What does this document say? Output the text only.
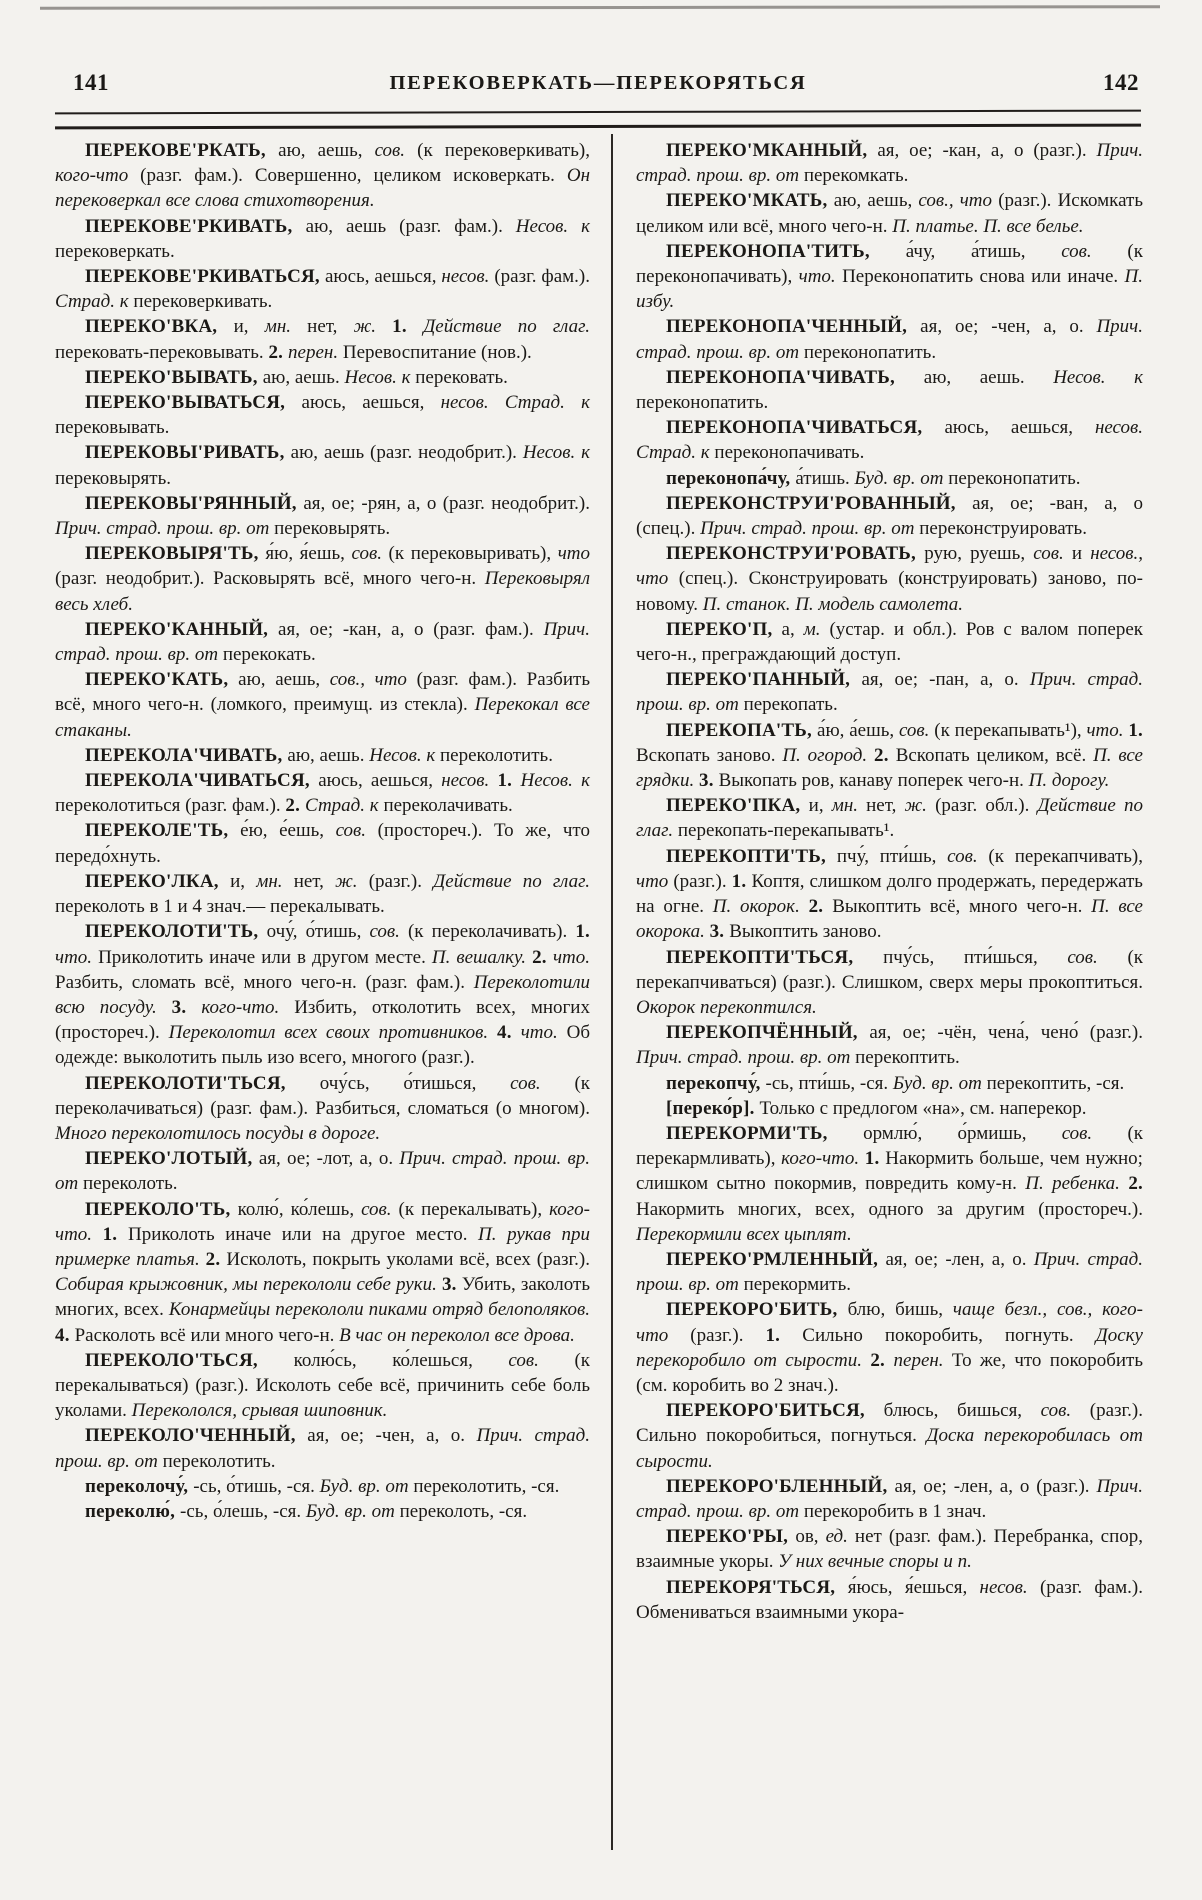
141	ПЕРЕКОВЕРКАТЬ—ПЕРЕКОРЯТЬСЯ	142

ПЕРЕКОВЕ'РКАТЬ, аю, аешь, сов. (к перековеркивать), кого-что (разг. фам.). Совершенно, целиком исковеркать. Он перековеркал все слова стихотворения.

ПЕРЕКОВЕ'РКИВАТЬ, аю, аешь (разг. фам.). Несов. к перековеркать.

ПЕРЕКОВЕ'РКИВАТЬСЯ, аюсь, аешься, несов. (разг. фам.). Страд. к перековеркивать.

ПЕРЕКО'ВКА, и, мн. нет, ж. 1. Действие по глаг. перековать-перековывать. 2. перен. Перевоспитание (нов.).

ПЕРЕКО'ВЫВАТЬ, аю, аешь. Несов. к перековать.

ПЕРЕКО'ВЫВАТЬСЯ, аюсь, аешься, несов. Страд. к перековывать.

ПЕРЕКОВЫ'РИВАТЬ, аю, аешь (разг. неодобрит.). Несов. к перековырять.

ПЕРЕКОВЫ'РЯННЫЙ, ая, ое; -рян, а, о (разг. неодобрит.). Прич. страд. прош. вр. от перековырять.

ПЕРЕКОВЫРЯ'ТЬ, я́ю, я́ешь, сов. (к перековыривать), что (разг. неодобрит.). Расковырять всё, много чего-н. Перековырял весь хлеб.

ПЕРЕКО'КАННЫЙ, ая, ое; -кан, а, о (разг. фам.). Прич. страд. прош. вр. от перекокать.

ПЕРЕКО'КАТЬ, аю, аешь, сов., что (разг. фам.). Разбить всё, много чего-н. (ломкого, преимущ. из стекла). Перекокал все стаканы.

ПЕРЕКОЛА'ЧИВАТЬ, аю, аешь. Несов. к переколотить.

ПЕРЕКОЛА'ЧИВАТЬСЯ, аюсь, аешься, несов. 1. Несов. к переколотиться (разг. фам.). 2. Страд. к переколачивать.

ПЕРЕКОЛЕ'ТЬ, е́ю, е́ешь, сов. (простореч.). То же, что передо́хнуть.

ПЕРЕКО'ЛКА, и, мн. нет, ж. (разг.). Действие по глаг. переколоть в 1 и 4 знач.— перекалывать.

ПЕРЕКОЛОТИ'ТЬ, очу́, о́тишь, сов. (к переколачивать). 1. что. Приколотить иначе или в другом месте. П. вешалку. 2. что. Разбить, сломать всё, много чего-н. (разг. фам.). Переколотили всю посуду. 3. кого-что. Избить, отколотить всех, многих (простореч.). Переколотил всех своих противников. 4. что. Об одежде: выколотить пыль изо всего, многого (разг.).

ПЕРЕКОЛОТИ'ТЬСЯ, очу́сь, о́тишься, сов. (к переколачиваться) (разг. фам.). Разбиться, сломаться (о многом). Много переколотилось посуды в дороге.

ПЕРЕКО'ЛОТЫЙ, ая, ое; -лот, а, о. Прич. страд. прош. вр. от переколоть.

ПЕРЕКОЛО'ТЬ, колю́, ко́лешь, сов. (к перекалывать), кого-что. 1. Приколоть иначе или на другое место. П. рукав при примерке платья. 2. Исколоть, покрыть уколами всё, всех (разг.). Собирая крыжовник, мы перекололи себе руки. 3. Убить, заколоть многих, всех. Конармейцы перекололи пиками отряд белополяков. 4. Расколоть всё или много чего-н. В час он переколол все дрова.

ПЕРЕКОЛО'ТЬСЯ, колю́сь, ко́лешься, сов. (к перекалываться) (разг.). Исколоть себе всё, причинить себе боль уколами. Перекололся, срывая шиповник.

ПЕРЕКОЛО'ЧЕННЫЙ, ая, ое; -чен, а, о. Прич. страд. прош. вр. от переколотить.

переколочу́, -сь, о́тишь, -ся. Буд. вр. от переколотить, -ся.

переколю́, -сь, о́лешь, -ся. Буд. вр. от переколоть, -ся.

ПЕРЕКО'МКАННЫЙ, ая, ое; -кан, а, о (разг.). Прич. страд. прош. вр. от перекомкать.

ПЕРЕКО'МКАТЬ, аю, аешь, сов., что (разг.). Искомкать целиком или всё, много чего-н. П. платье. П. все белье.

ПЕРЕКОНОПА'ТИТЬ, а́чу, а́тишь, сов. (к переконопачивать), что. Переконопатить снова или иначе. П. избу.

ПЕРЕКОНОПА'ЧЕННЫЙ, ая, ое; -чен, а, о. Прич. страд. прош. вр. от переконопатить.

ПЕРЕКОНОПА'ЧИВАТЬ, аю, аешь. Несов. к переконопатить.

ПЕРЕКОНОПА'ЧИВАТЬСЯ, аюсь, аешься, несов. Страд. к переконопачивать.

переконопа́чу, а́тишь. Буд. вр. от переконопатить.

ПЕРЕКОНСТРУИ'РОВАННЫЙ, ая, ое; -ван, а, о (спец.). Прич. страд. прош. вр. от переконструировать.

ПЕРЕКОНСТРУИ'РОВАТЬ, рую, руешь, сов. и несов., что (спец.). Сконструировать (конструировать) заново, по-новому. П. станок. П. модель самолета.

ПЕРЕКО'П, а, м. (устар. и обл.). Ров с валом поперек чего-н., преграждающий доступ.

ПЕРЕКО'ПАННЫЙ, ая, ое; -пан, а, о. Прич. страд. прош. вр. от перекопать.

ПЕРЕКОПА'ТЬ, а́ю, а́ешь, сов. (к перекапывать¹), что. 1. Вскопать заново. П. огород. 2. Вскопать целиком, всё. П. все грядки. 3. Выкопать ров, канаву поперек чего-н. П. дорогу.

ПЕРЕКО'ПКА, и, мн. нет, ж. (разг. обл.). Действие по глаг. перекопать-перекапывать¹.

ПЕРЕКОПТИ'ТЬ, пчу́, пти́шь, сов. (к перекапчивать), что (разг.). 1. Коптя, слишком долго продержать, передержать на огне. П. окорок. 2. Выкоптить всё, много чего-н. П. все окорока. 3. Выкоптить заново.

ПЕРЕКОПТИ'ТЬСЯ, пчу́сь, пти́шься, сов. (к перекапчиваться) (разг.). Слишком, сверх меры прокоптиться. Окорок перекоптился.

ПЕРЕКОПЧЁННЫЙ, ая, ое; -чён, чена́, чено́ (разг.). Прич. страд. прош. вр. от перекоптить.

перекопчу́, -сь, пти́шь, -ся. Буд. вр. от перекоптить, -ся.

[переко́р]. Только с предлогом «на», см. наперекор.

ПЕРЕКОРМИ'ТЬ, ормлю́, о́рмишь, сов. (к перекармливать), кого-что. 1. Накормить больше, чем нужно; слишком сытно покормив, повредить кому-н. П. ребенка. 2. Накормить многих, всех, одного за другим (простореч.). Перекормили всех цыплят.

ПЕРЕКО'РМЛЕННЫЙ, ая, ое; -лен, а, о. Прич. страд. прош. вр. от перекормить.

ПЕРЕКОРО'БИТЬ, блю, бишь, чаще безл., сов., кого-что (разг.). 1. Сильно покоробить, погнуть. Доску перекоробило от сырости. 2. перен. То же, что покоробить (см. коробить во 2 знач.).

ПЕРЕКОРО'БИТЬСЯ, блюсь, бишься, сов. (разг.). Сильно покоробиться, погнуться. Доска перекоробилась от сырости.

ПЕРЕКОРО'БЛЕННЫЙ, ая, ое; -лен, а, о (разг.). Прич. страд. прош. вр. от перекоробить в 1 знач.

ПЕРЕКО'РЫ, ов, ед. нет (разг. фам.). Перебранка, спор, взаимные укоры. У них вечные споры и п.

ПЕРЕКОРЯ'ТЬСЯ, я́юсь, я́ешься, несов. (разг. фам.). Обмениваться взаимными укора-
